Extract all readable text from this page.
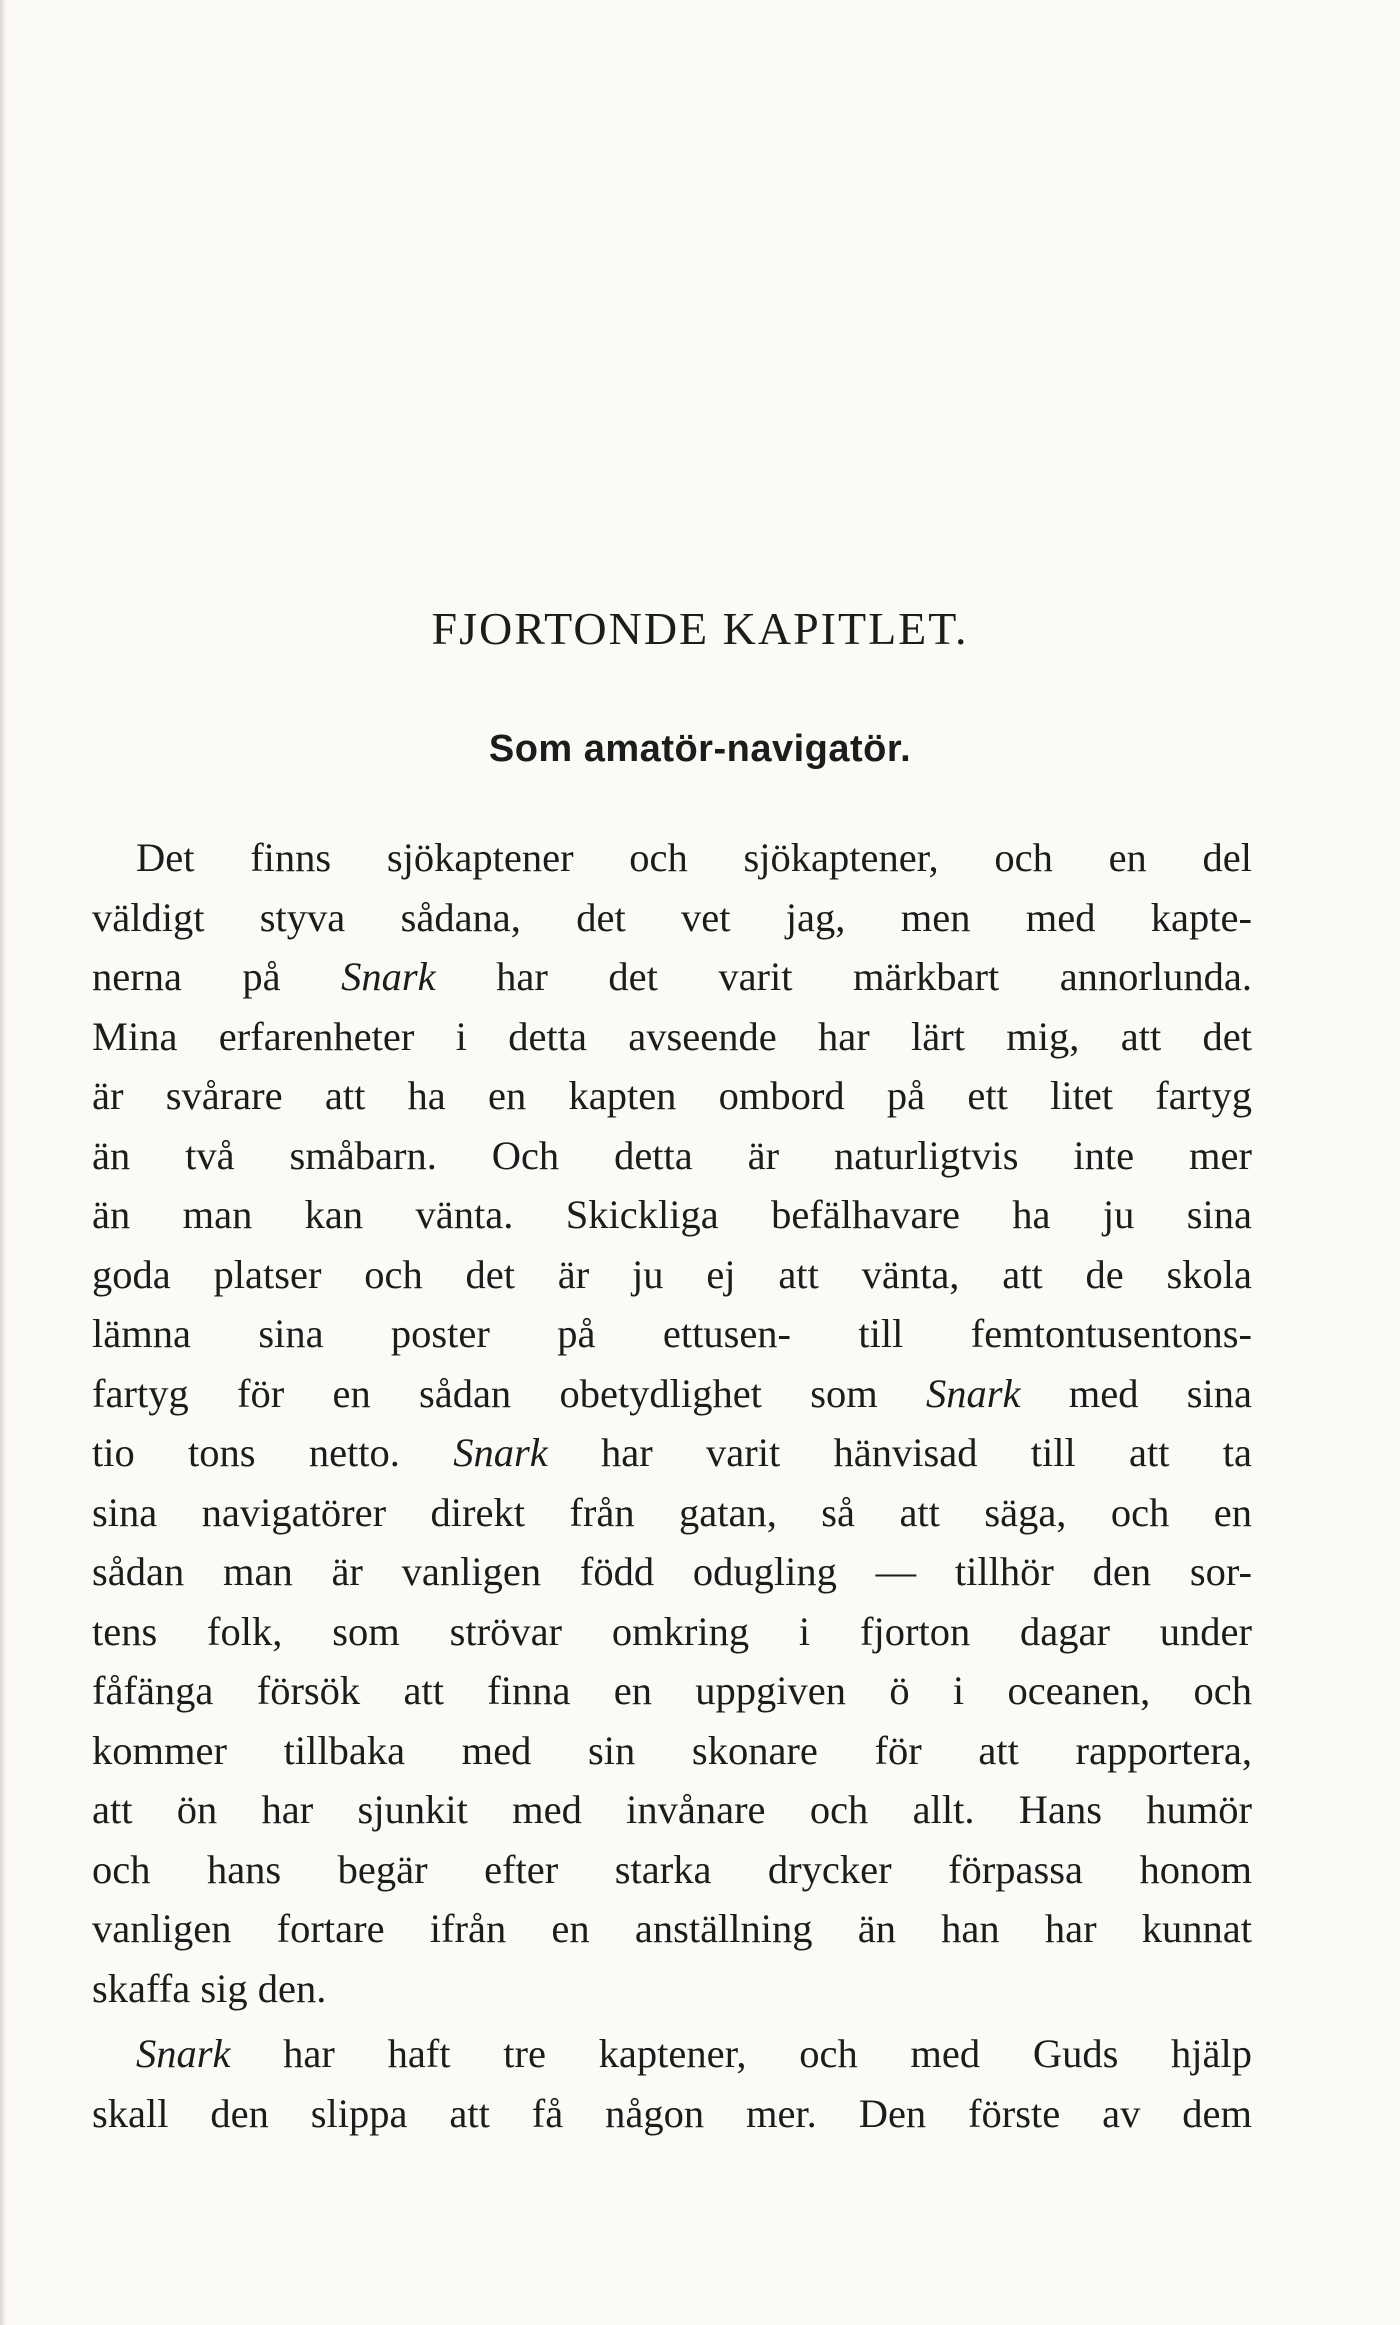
FJORTONDE KAPITLET.
Som amatör-navigatör.
Det finns sjökaptener och sjökaptener, och en del
väldigt styva sådana, det vet jag, men med kapte-
nerna på Snark har det varit märkbart annorlunda.
Mina erfarenheter i detta avseende har lärt mig, att det
är svårare att ha en kapten ombord på ett litet fartyg
än två småbarn. Och detta är naturligtvis inte mer
än man kan vänta. Skickliga befälhavare ha ju sina
goda platser och det är ju ej att vänta, att de skola
lämna sina poster på ettusen- till femtontusentons-
fartyg för en sådan obetydlighet som Snark med sina
tio tons netto. Snark har varit hänvisad till att ta
sina navigatörer direkt från gatan, så att säga, och en
sådan man är vanligen född odugling — tillhör den sor-
tens folk, som strövar omkring i fjorton dagar under
fåfänga försök att finna en uppgiven ö i oceanen, och
kommer tillbaka med sin skonare för att rapportera,
att ön har sjunkit med invånare och allt. Hans humör
och hans begär efter starka drycker förpassa honom
vanligen fortare ifrån en anställning än han har kunnat
skaffa sig den.
Snark har haft tre kaptener, och med Guds hjälp
skall den slippa att få någon mer. Den förste av dem
